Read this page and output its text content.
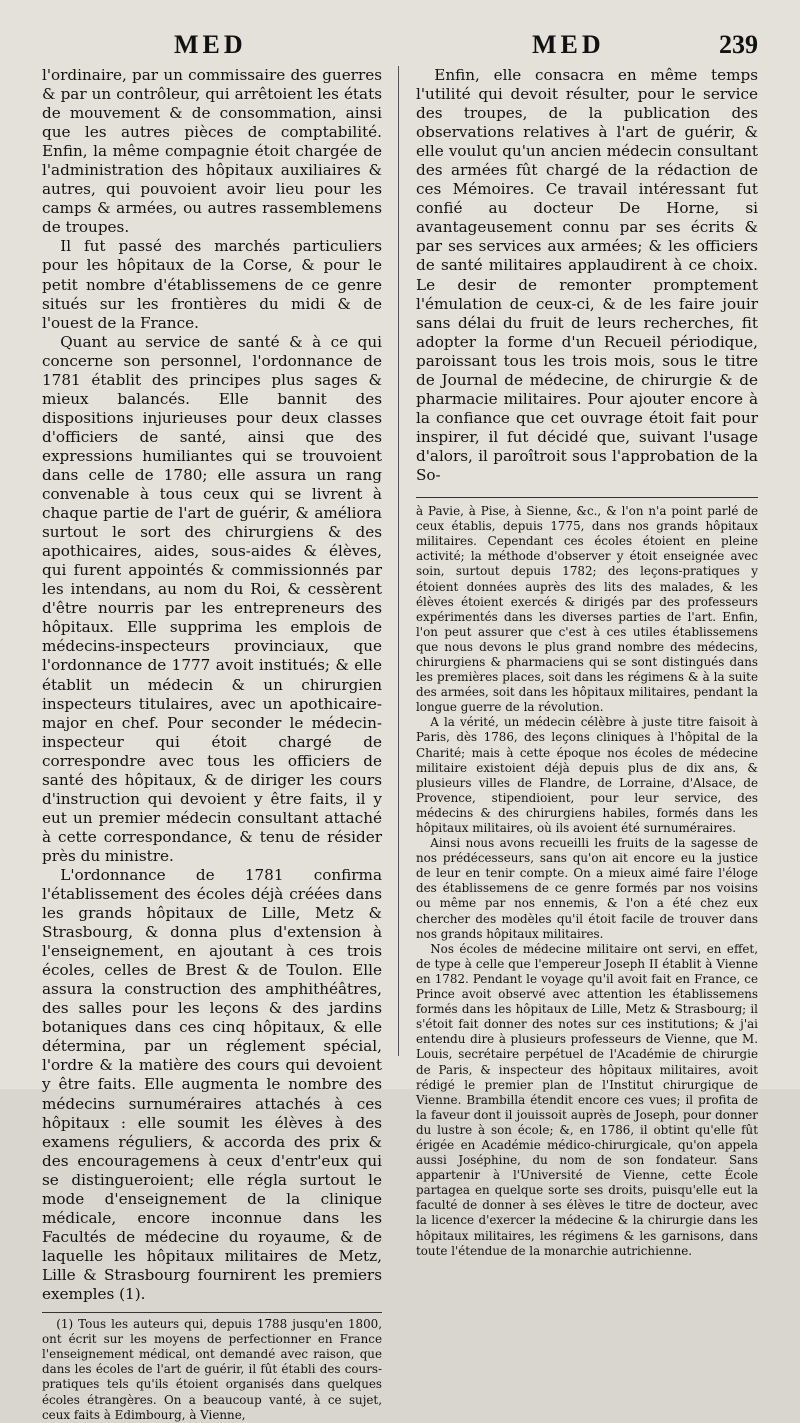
MED	MED	239

l'ordinaire, par un commissaire des guerres & par un contrôleur, qui arrêtoient les états de mouvement & de consommation, ainsi que les autres pièces de comptabilité. Enfin, la même compagnie étoit chargée de l'administration des hôpitaux auxiliaires & autres, qui pouvoient avoir lieu pour les camps & armées, ou autres rassemblemens de troupes.

Il fut passé des marchés particuliers pour les hôpitaux de la Corse, & pour le petit nombre d'établissemens de ce genre situés sur les frontières du midi & de l'ouest de la France.

Quant au service de santé & à ce qui concerne son personnel, l'ordonnance de 1781 établit des principes plus sages & mieux balancés. Elle bannit des dispositions injurieuses pour deux classes d'officiers de santé, ainsi que des expressions humiliantes qui se trouvoient dans celle de 1780; elle assura un rang convenable à tous ceux qui se livrent à chaque partie de l'art de guérir, & améliora surtout le sort des chirurgiens & des apothicaires, aides, sous-aides & élèves, qui furent appointés & commissionnés par les intendans, au nom du Roi, & cessèrent d'être nourris par les entrepreneurs des hôpitaux. Elle supprima les emplois de médecins-inspecteurs provinciaux, que l'ordonnance de 1777 avoit institués; & elle établit un médecin & un chirurgien inspecteurs titulaires, avec un apothicaire-major en chef. Pour seconder le médecin-inspecteur qui étoit chargé de correspondre avec tous les officiers de santé des hôpitaux, & de diriger les cours d'instruction qui devoient y être faits, il y eut un premier médecin consultant attaché à cette correspondance, & tenu de résider près du ministre.

L'ordonnance de 1781 confirma l'établissement des écoles déjà créées dans les grands hôpitaux de Lille, Metz & Strasbourg, & donna plus d'extension à l'enseignement, en ajoutant à ces trois écoles, celles de Brest & de Toulon. Elle assura la construction des amphithéâtres, des salles pour les leçons & des jardins botaniques dans ces cinq hôpitaux, & elle détermina, par un réglement spécial, l'ordre & la matière des cours qui devoient y être faits. Elle augmenta le nombre des médecins surnuméraires attachés à ces hôpitaux : elle soumit les élèves à des examens réguliers, & accorda des prix & des encouragemens à ceux d'entr'eux qui se distingueroient; elle régla surtout le mode d'enseignement de la clinique médicale, encore inconnue dans les Facultés de médecine du royaume, & de laquelle les hôpitaux militaires de Metz, Lille & Strasbourg fournirent les premiers exemples (1).

(1) Tous les auteurs qui, depuis 1788 jusqu'en 1800, ont écrit sur les moyens de perfectionner en France l'enseignement médical, ont demandé avec raison, que dans les écoles de l'art de guérir, il fût établi des cours-pratiques tels qu'ils étoient organisés dans quelques écoles étrangères. On a beaucoup vanté, à ce sujet, ceux faits à Edimbourg, à Vienne,

Enfin, elle consacra en même temps l'utilité qui devoit résulter, pour le service des troupes, de la publication des observations relatives à l'art de guérir, & elle voulut qu'un ancien médecin consultant des armées fût chargé de la rédaction de ces Mémoires. Ce travail intéressant fut confié au docteur De Horne, si avantageusement connu par ses écrits & par ses services aux armées; & les officiers de santé militaires applaudirent à ce choix. Le desir de remonter promptement l'émulation de ceux-ci, & de les faire jouir sans délai du fruit de leurs recherches, fit adopter la forme d'un Recueil périodique, paroissant tous les trois mois, sous le titre de Journal de médecine, de chirurgie & de pharmacie militaires. Pour ajouter encore à la confiance que cet ouvrage étoit fait pour inspirer, il fut décidé que, suivant l'usage d'alors, il paroîtroit sous l'approbation de la So-

à Pavie, à Pise, à Sienne, &c., & l'on n'a point parlé de ceux établis, depuis 1775, dans nos grands hôpitaux militaires. Cependant ces écoles étoient en pleine activité; la méthode d'observer y étoit enseignée avec soin, surtout depuis 1782; des leçons-pratiques y étoient données auprès des lits des malades, & les élèves étoient exercés & dirigés par des professeurs expérimentés dans les diverses parties de l'art. Enfin, l'on peut assurer que c'est à ces utiles établissemens que nous devons le plus grand nombre des médecins, chirurgiens & pharmaciens qui se sont distingués dans les premières places, soit dans les régimens & à la suite des armées, soit dans les hôpitaux militaires, pendant la longue guerre de la révolution.

A la vérité, un médecin célèbre à juste titre faisoit à Paris, dès 1786, des leçons cliniques à l'hôpital de la Charité; mais à cette époque nos écoles de médecine militaire existoient déjà depuis plus de dix ans, & plusieurs villes de Flandre, de Lorraine, d'Alsace, de Provence, stipendioient, pour leur service, des médecins & des chirurgiens habiles, formés dans les hôpitaux militaires, où ils avoient été surnuméraires.

Ainsi nous avons recueilli les fruits de la sagesse de nos prédécesseurs, sans qu'on ait encore eu la justice de leur en tenir compte. On a mieux aimé faire l'éloge des établissemens de ce genre formés par nos voisins ou même par nos ennemis, & l'on a été chez eux chercher des modèles qu'il étoit facile de trouver dans nos grands hôpitaux militaires.

Nos écoles de médecine militaire ont servi, en effet, de type à celle que l'empereur Joseph II établit à Vienne en 1782. Pendant le voyage qu'il avoit fait en France, ce Prince avoit observé avec attention les établissemens formés dans les hôpitaux de Lille, Metz & Strasbourg; il s'étoit fait donner des notes sur ces institutions; & j'ai entendu dire à plusieurs professeurs de Vienne, que M. Louis, secrétaire perpétuel de l'Académie de chirurgie de Paris, & inspecteur des hôpitaux militaires, avoit rédigé le premier plan de l'Institut chirurgique de Vienne. Brambilla étendit encore ces vues; il profita de la faveur dont il jouissoit auprès de Joseph, pour donner du lustre à son école; &, en 1786, il obtint qu'elle fût érigée en Académie médico-chirurgicale, qu'on appela aussi Joséphine, du nom de son fondateur. Sans appartenir à l'Université de Vienne, cette École partagea en quelque sorte ses droits, puisqu'elle eut la faculté de donner à ses élèves le titre de docteur, avec la licence d'exercer la médecine & la chirurgie dans les hôpitaux militaires, les régimens & les garnisons, dans toute l'étendue de la monarchie autrichienne.
